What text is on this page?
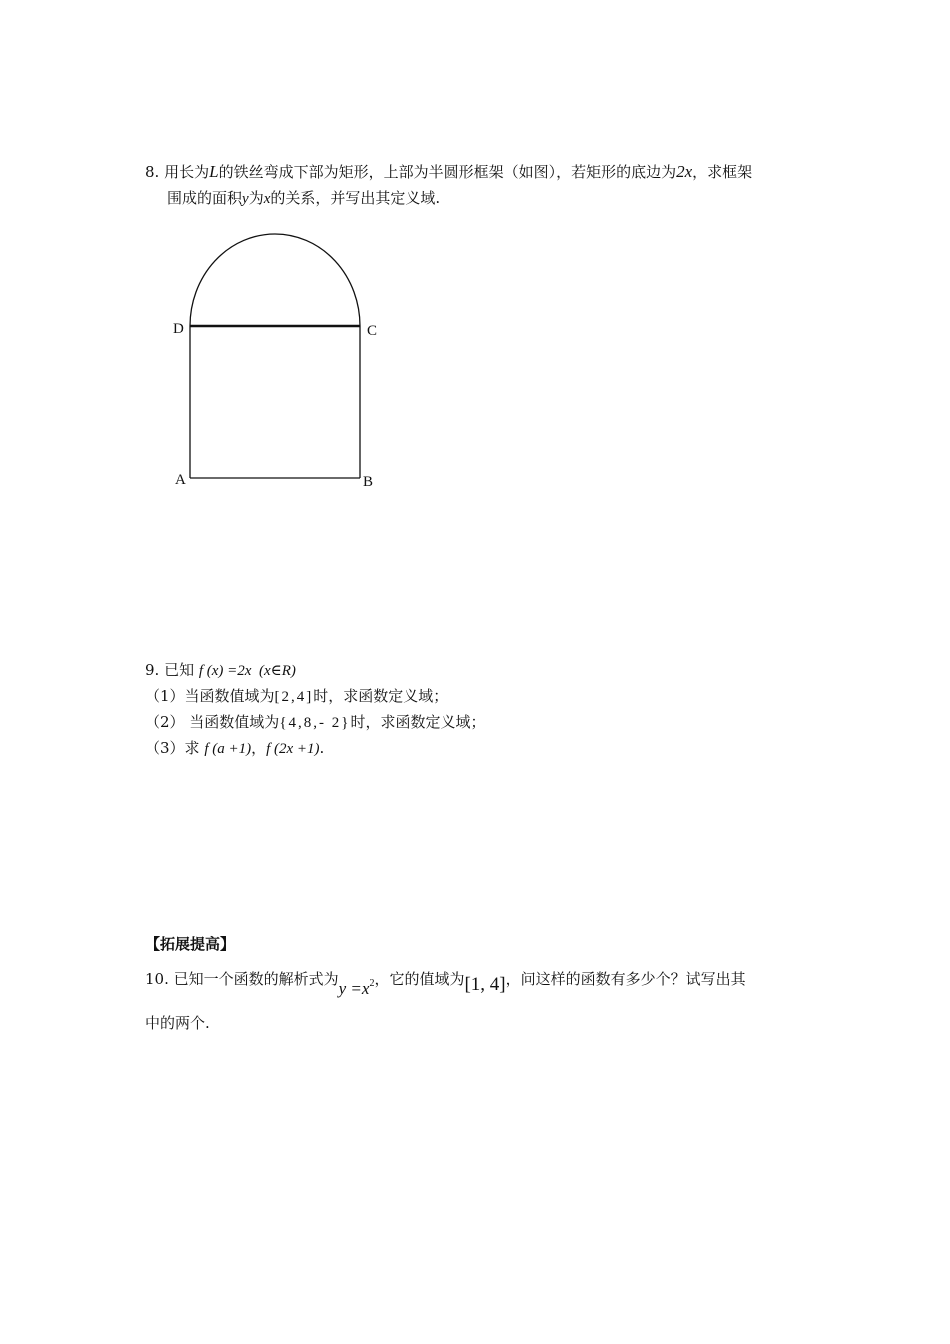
8. 用长为L的铁丝弯成下部为矩形，上部为半圆形框架（如图），若矩形的底边为2x，求框架
围成的面积y为x的关系，并写出其定义域.
D	C
A	B
9. 已知 f (x) =2x  (x∈R)
（1）当函数值域为[2,4]时，求函数定义域；
（2） 当函数值域为{4,8,- 2}时，求函数定义域；
（3）求 f (a +1)，f (2x +1).
【拓展提高】
10. 已知一个函数的解析式为$y =x^2$，它的值域为[1, 4]，问这样的函数有多少个？试写出其
中的两个.
